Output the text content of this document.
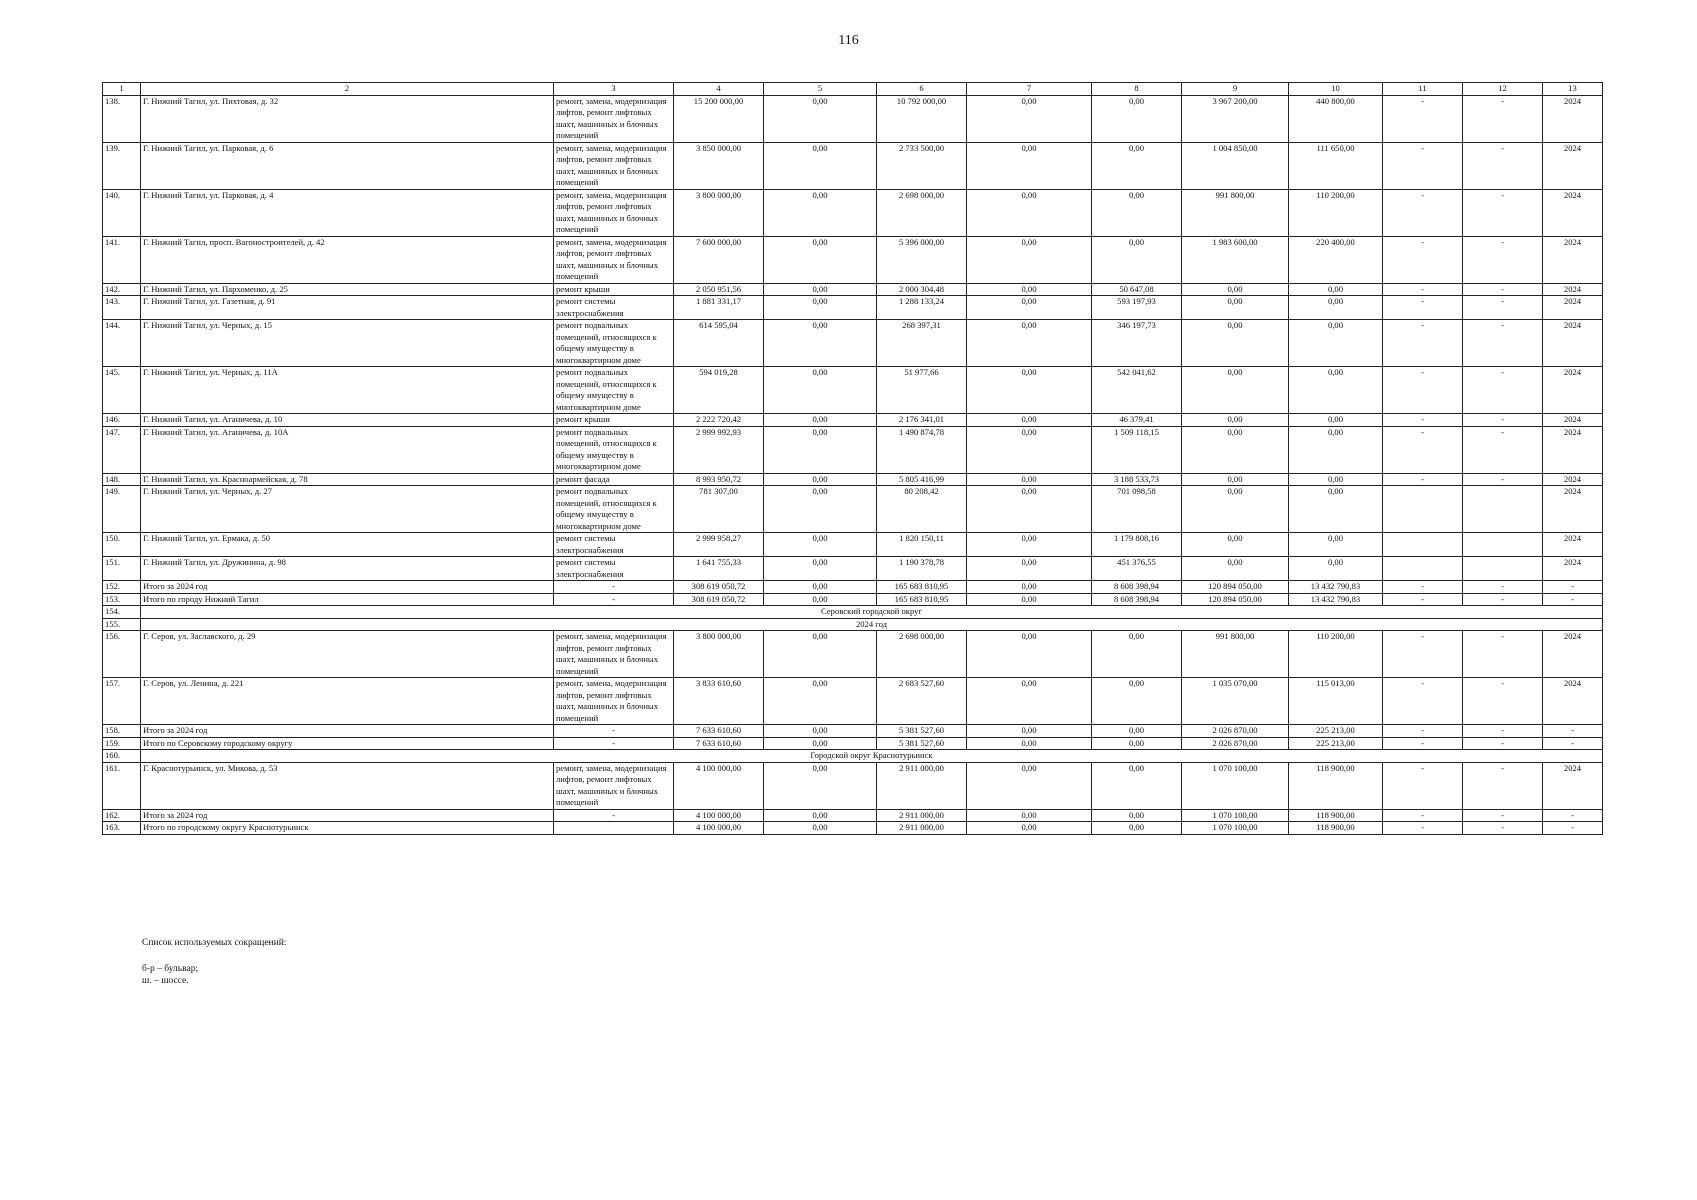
116
1	2	3	4	5	6	7	8	9	10	11	12	13
138.	Г. Нижний Тагил, ул. Пихтовая, д. 32	ремонт, замена, модернизация лифтов, ремонт лифтовых шахт, машинных и блочных помещений	15 200 000,00	0,00	10 792 000,00	0,00	0,00	3 967 200,00	440 800,00	-	-	2024
139.	Г. Нижний Тагил, ул. Парковая, д. 6	ремонт, замена, модернизация лифтов, ремонт лифтовых шахт, машинных и блочных помещений	3 850 000,00	0,00	2 733 500,00	0,00	0,00	1 004 850,00	111 650,00	-	-	2024
140.	Г. Нижний Тагил, ул. Парковая, д. 4	ремонт, замена, модернизация лифтов, ремонт лифтовых шахт, машинных и блочных помещений	3 800 000,00	0,00	2 698 000,00	0,00	0,00	991 800,00	110 200,00	-	-	2024
141.	Г. Нижний Тагил, просп. Вагоностроителей, д. 42	ремонт, замена, модернизация лифтов, ремонт лифтовых шахт, машинных и блочных помещений	7 600 000,00	0,00	5 396 000,00	0,00	0,00	1 983 600,00	220 400,00	-	-	2024
142.	Г. Нижний Тагил, ул. Пархоменко, д. 25	ремонт крыши	2 050 951,56	0,00	2 000 304,48	0,00	50 647,08	0,00	0,00	-	-	2024
143.	Г. Нижний Тагил, ул. Газетная, д. 91	ремонт системы электроснабжения	1 881 331,17	0,00	1 288 133,24	0,00	593 197,93	0,00	0,00	-	-	2024
144.	Г. Нижний Тагил, ул. Черных, д. 15	ремонт подвальных помещений, относящихся к общему имуществу в многоквартирном доме	614 595,04	0,00	268 397,31	0,00	346 197,73	0,00	0,00	-	-	2024
145.	Г. Нижний Тагил, ул. Черных, д. 11А	ремонт подвальных помещений, относящихся к общему имуществу в многоквартирном доме	594 019,28	0,00	51 977,66	0,00	542 041,62	0,00	0,00	-	-	2024
146.	Г. Нижний Тагил, ул. Аганичева, д. 10	ремонт крыши	2 222 720,42	0,00	2 176 341,01	0,00	46 379,41	0,00	0,00	-	-	2024
147.	Г. Нижний Тагил, ул. Аганичева, д. 10А	ремонт подвальных помещений, относящихся к общему имуществу в многоквартирном доме	2 999 992,93	0,00	1 490 874,78	0,00	1 509 118,15	0,00	0,00	-	-	2024
148.	Г. Нижний Тагил, ул. Красноармейская, д. 78	ремонт фасада	8 993 950,72	0,00	5 805 416,99	0,00	3 188 533,73	0,00	0,00	-	-	2024
149.	Г. Нижний Тагил, ул. Черных, д. 27	ремонт подвальных помещений, относящихся к общему имуществу в многоквартирном доме	781 307,00	0,00	80 208,42	0,00	701 098,58	0,00	0,00			2024
150.	Г. Нижний Тагил, ул. Ермака, д. 50	ремонт системы электроснабжения	2 999 958,27	0,00	1 820 150,11	0,00	1 179 808,16	0,00	0,00			2024
151.	Г. Нижний Тагил, ул. Дружинина, д. 98	ремонт системы электроснабжения	1 641 755,33	0,00	1 190 378,78	0,00	451 376,55	0,00	0,00			2024
152.	Итого за 2024 год	-	308 619 050,72	0,00	165 683 810,95	0,00	8 608 398,94	120 894 050,00	13 432 790,83	-	-	-
153.	Итого по городу Нижний Тагил	-	308 619 050,72	0,00	165 683 810,95	0,00	8 608 398,94	120 894 050,00	13 432 790,83	-	-	-
154.	Серовский городской округ											
155.	2024 год											
156.	Г. Серов, ул. Заславского, д. 29	ремонт, замена, модернизация лифтов, ремонт лифтовых шахт, машинных и блочных помещений	3 800 000,00	0,00	2 698 000,00	0,00	0,00	991 800,00	110 200,00	-	-	2024
157.	Г. Серов, ул. Ленина, д. 221	ремонт, замена, модернизация лифтов, ремонт лифтовых шахт, машинных и блочных помещений	3 833 610,60	0,00	2 683 527,60	0,00	0,00	1 035 070,00	115 013,00	-	-	2024
158.	Итого за 2024 год	-	7 633 610,60	0,00	5 381 527,60	0,00	0,00	2 026 870,00	225 213,00	-	-	-
159.	Итого по Серовскому городскому округу	-	7 633 610,60	0,00	5 381 527,60	0,00	0,00	2 026 870,00	225 213,00	-	-	-
160.	Городской округ Краснотурьинск											
161.	Г. Краснотурьинск, ул. Микова, д. 53	ремонт, замена, модернизация лифтов, ремонт лифтовых шахт, машинных и блочных помещений	4 100 000,00	0,00	2 911 000,00	0,00	0,00	1 070 100,00	118 900,00	-	-	2024
162.	Итого за 2024 год	-	4 100 000,00	0,00	2 911 000,00	0,00	0,00	1 070 100,00	118 900,00	-	-	-
163.	Итого по городскому округу Краснотурьинск		4 100 000,00	0,00	2 911 000,00	0,00	0,00	1 070 100,00	118 900,00	-	-	-
Список используемых сокращений:
б-р – бульвар;
ш. – шоссе.
